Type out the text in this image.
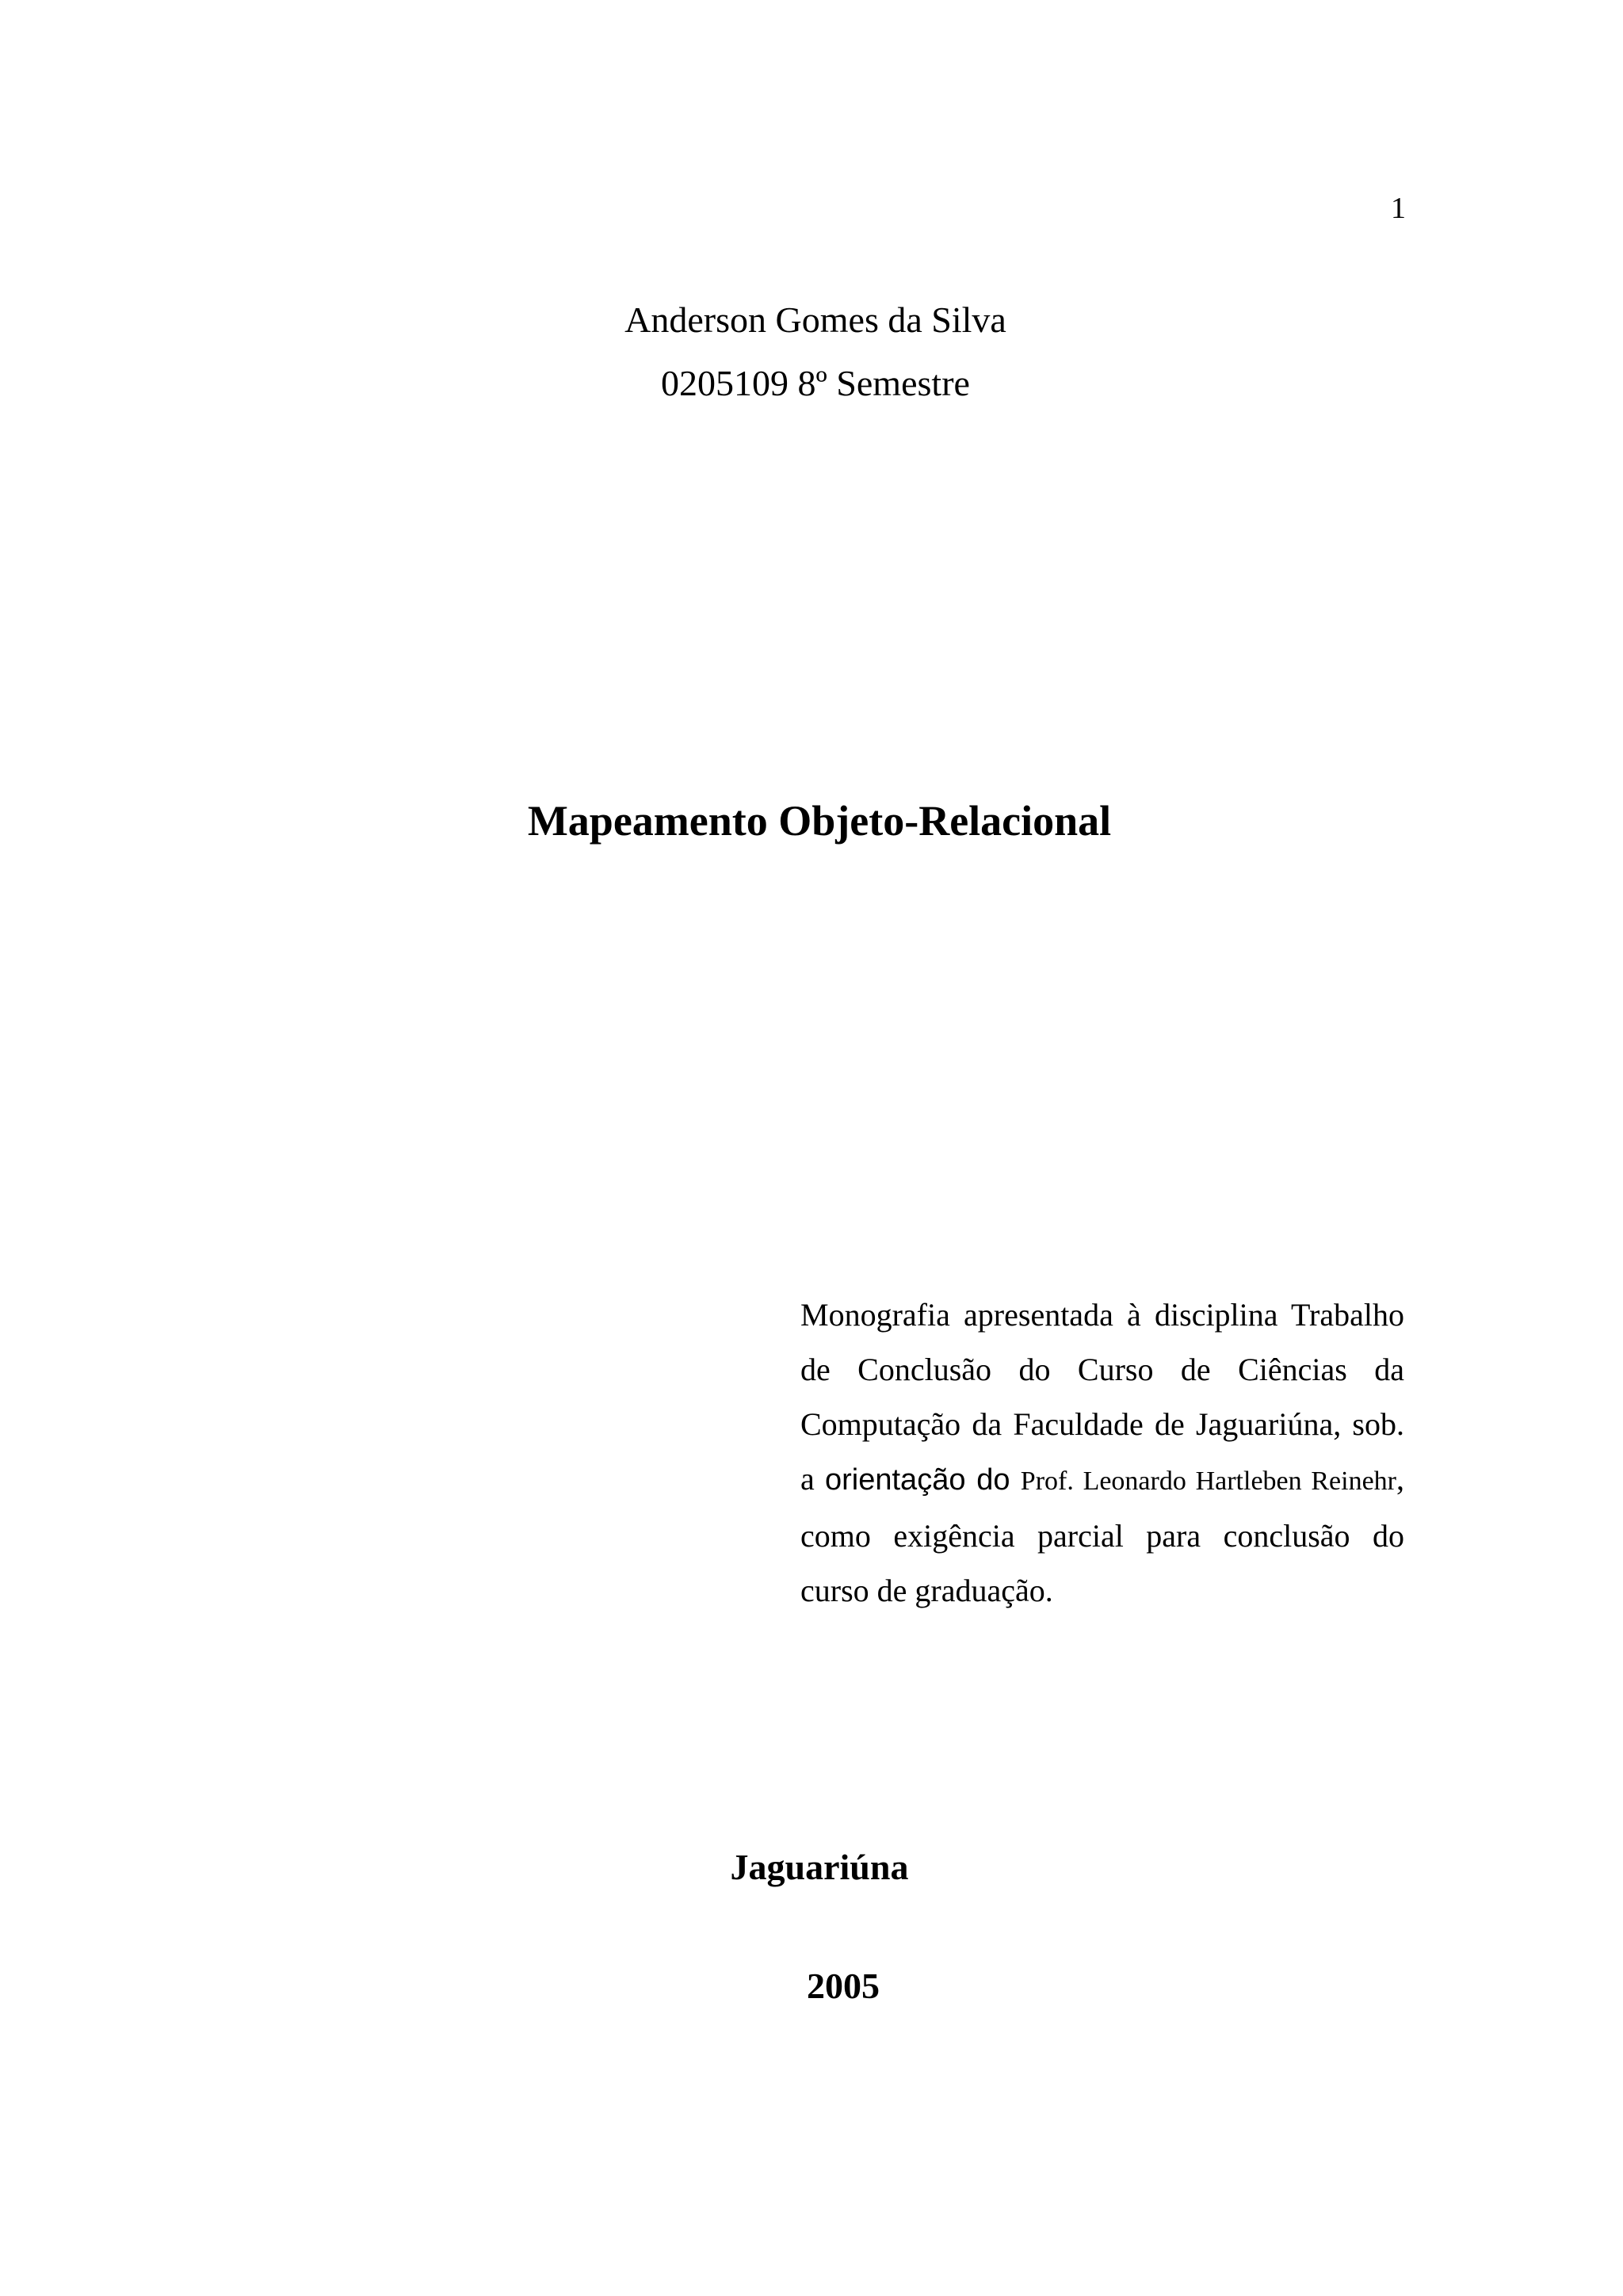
1

Anderson Gomes da Silva

0205109 8º Semestre

Mapeamento Objeto-Relacional

Monografia apresentada à disciplina Trabalho de Conclusão do Curso de Ciências da Computação da Faculdade de Jaguariúna, sob. a orientação do Prof. Leonardo Hartleben Reinehr, como exigência parcial para conclusão do curso de graduação.

Jaguariúna

2005
